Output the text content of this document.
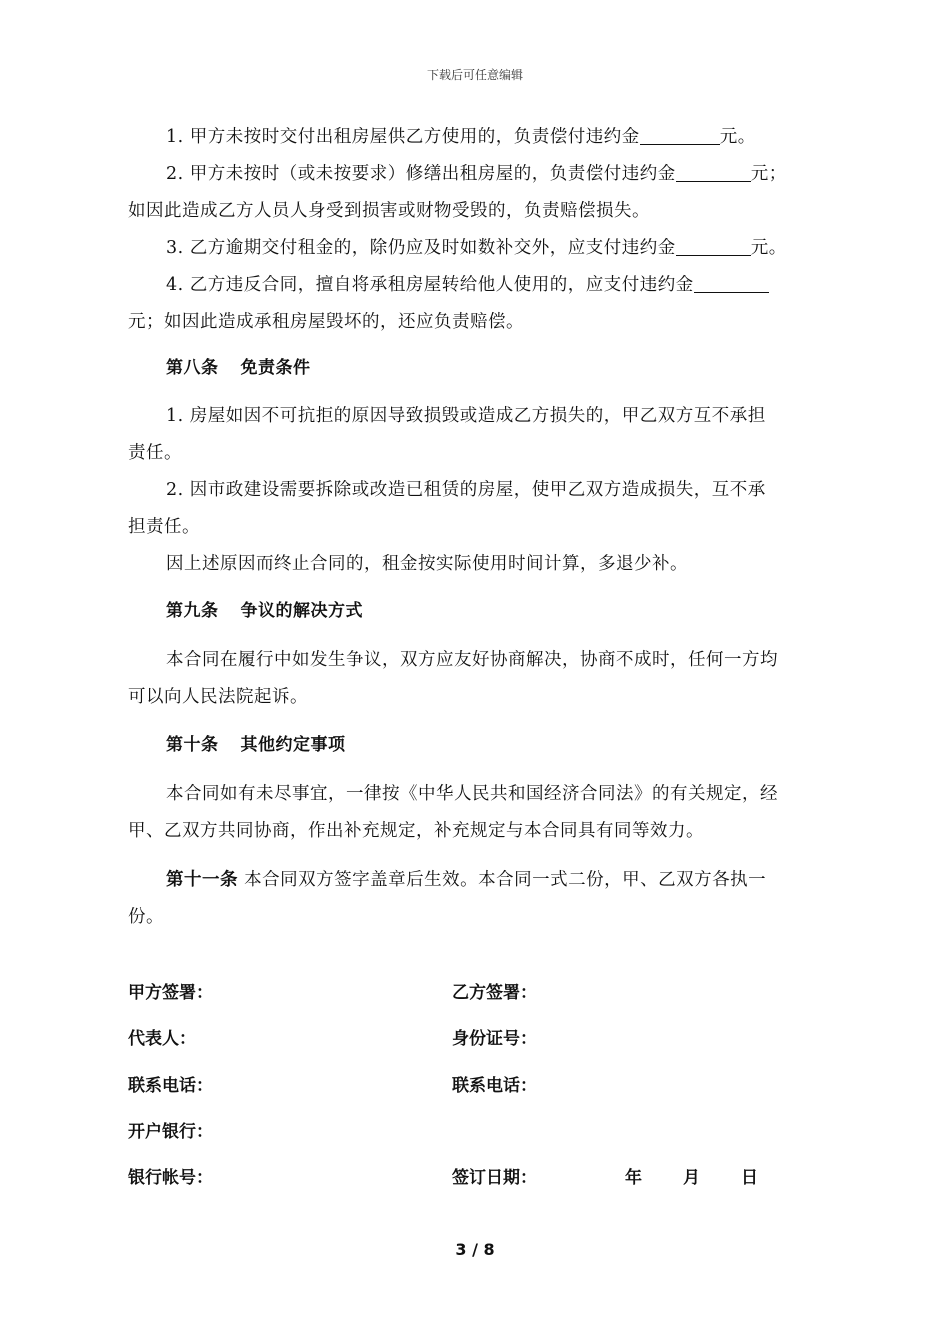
下载后可任意编辑
1. 甲方未按时交付出租房屋供乙方使用的，负责偿付违约金	元。
2. 甲方未按时（或未按要求）修缮出租房屋的，负责偿付违约金	元；
如因此造成乙方人员人身受到损害或财物受毁的，负责赔偿损失。
3. 乙方逾期交付租金的，除仍应及时如数补交外，应支付违约金	元。
4. 乙方违反合同，擅自将承租房屋转给他人使用的，应支付违约金
元；如因此造成承租房屋毁坏的，还应负责赔偿。
第八条 免责条件
1. 房屋如因不可抗拒的原因导致损毁或造成乙方损失的，甲乙双方互不承担
责任。
2. 因市政建设需要拆除或改造已租赁的房屋，使甲乙双方造成损失，互不承
担责任。
因上述原因而终止合同的，租金按实际使用时间计算，多退少补。
第九条 争议的解决方式
本合同在履行中如发生争议，双方应友好协商解决，协商不成时，任何一方均
可以向人民法院起诉。
第十条 其他约定事项
本合同如有未尽事宜，一律按《中华人民共和国经济合同法》的有关规定，经
甲、乙双方共同协商，作出补充规定，补充规定与本合同具有同等效力。
第十一条 本合同双方签字盖章后生效。本合同一式二份，甲、乙双方各执一
份。
甲方签署：	乙方签署：
代表人：	身份证号：
联系电话：	联系电话：
开户银行：
银行帐号：	签订日期：	年 月 日
3 / 8
